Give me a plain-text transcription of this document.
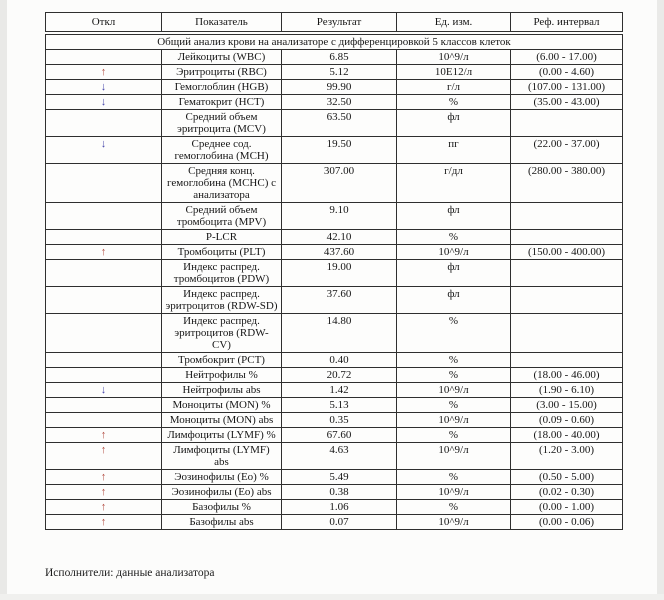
Откл	Показатель	Результат	Ед. изм.	Реф. интервал
Общий анализ крови на анализаторе с дифференцировкой 5 классов клеток				
	Лейкоциты (WBC)	6.85	10^9/л	(6.00 - 17.00)
↑	Эритроциты (RBC)	5.12	10E12/л	(0.00 - 4.60)
↓	Гемоглоблин (HGB)	99.90	г/л	(107.00 - 131.00)
↓	Гематокрит (HCT)	32.50	%	(35.00 - 43.00)
	Средний объем эритроцита (MCV)	63.50	фл	
↓	Среднее сод. гемоглобина (MCH)	19.50	пг	(22.00 - 37.00)
	Средняя конц. гемоглобина (MCHC) с анализатора	307.00	г/дл	(280.00 - 380.00)
	Средний объем тромбоцита (MPV)	9.10	фл	
	P-LCR	42.10	%	
↑	Тромбоциты (PLT)	437.60	10^9/л	(150.00 - 400.00)
	Индекс распред. тромбоцитов (PDW)	19.00	фл	
	Индекс распред. эритроцитов (RDW-SD)	37.60	фл	
	Индекс распред. эритроцитов (RDW-CV)	14.80	%	
	Тромбокрит (PCT)	0.40	%	
	Нейтрофилы %	20.72	%	(18.00 - 46.00)
↓	Нейтрофилы abs	1.42	10^9/л	(1.90 - 6.10)
	Моноциты (MON) %	5.13	%	(3.00 - 15.00)
	Моноциты (MON) abs	0.35	10^9/л	(0.09 - 0.60)
↑	Лимфоциты (LYMF) %	67.60	%	(18.00 - 40.00)
↑	Лимфоциты (LYMF) abs	4.63	10^9/л	(1.20 - 3.00)
↑	Эозинофилы (Eo) %	5.49	%	(0.50 - 5.00)
↑	Эозинофилы (Eo) abs	0.38	10^9/л	(0.02 - 0.30)
↑	Базофилы %	1.06	%	(0.00 - 1.00)
↑	Базофилы abs	0.07	10^9/л	(0.00 - 0.06)
Исполнители: данные анализатора
